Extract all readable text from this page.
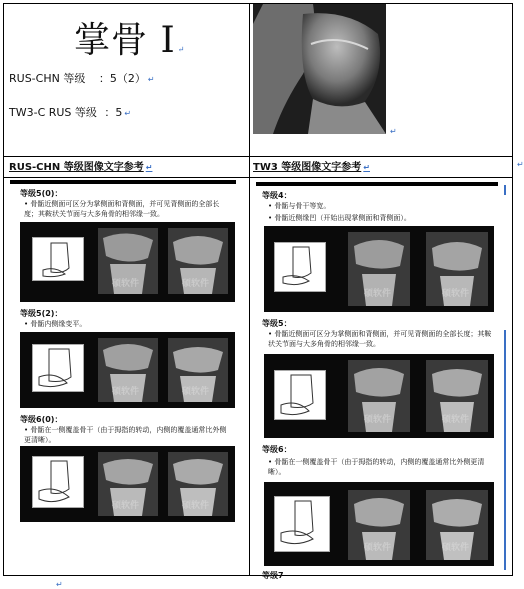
掌骨 I ↵
RUS-CHN 等级 ：5（2） ↵
TW3-C RUS 等级 ：5 ↵
↵
RUS-CHN 等级图像文字参考 ↵	TW3 等级图像文字参考 ↵
等级5(0)：
• 骨骺近侧面可区分为掌侧面和背侧面，并可见背侧面的全部长度；其鞍状关节面与大多角骨的相邻缘一致。
硕软件	硕软件
等级5(2)：
• 骨骺内侧缘变平。
硕软件	硕软件
等级6(0)：
• 骨骺在一侧覆盖骨干（由于拇指的转动，内侧的覆盖通常比外侧更清晰）。
硕软件	硕软件
等级4：
• 骨骺与骨干等宽。
• 骨骺近侧缘凹（开始出现掌侧面和背侧面）。
硕软件	硕软件
等级5：
• 骨骺近侧面可区分为掌侧面和背侧面，并可见背侧面的全部长度；其鞍状关节面与大多角骨的相邻缘一致。
硕软件	硕软件
等级6：
• 骨骺在一侧覆盖骨干（由于拇指的转动，内侧的覆盖通常比外侧更清晰）。
硕软件	硕软件
等级7
↵
↵
